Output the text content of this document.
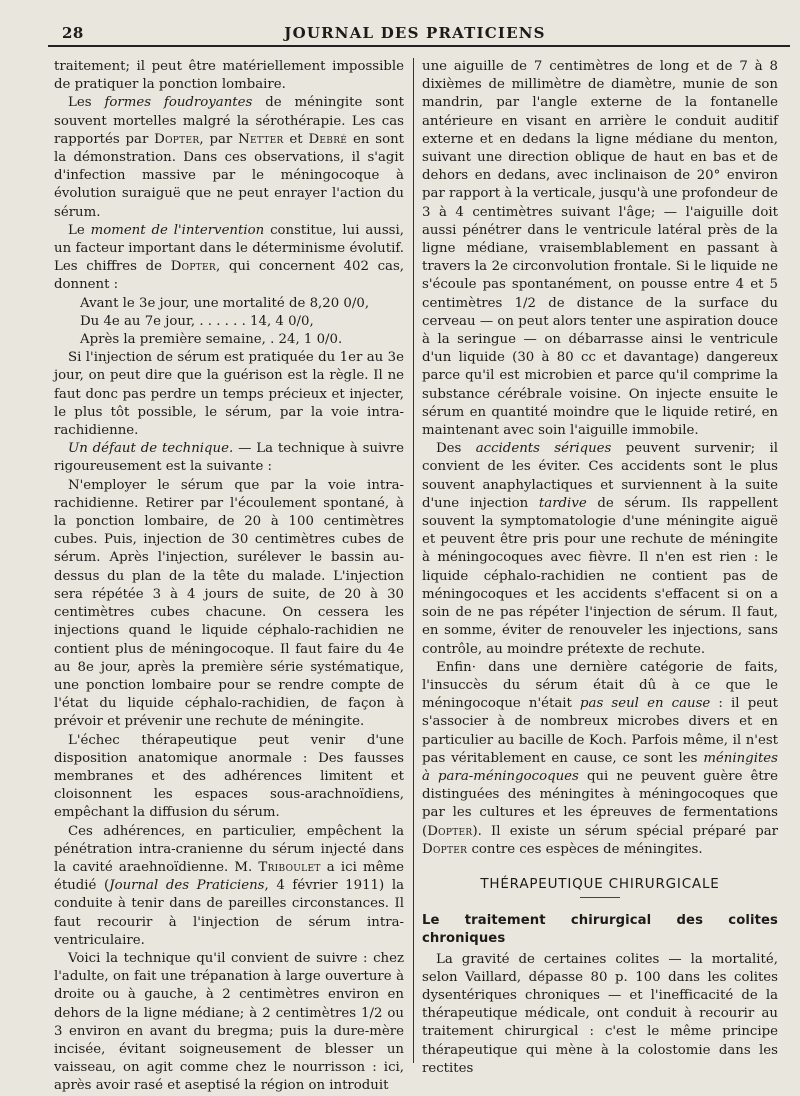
28	JOURNAL DES PRATICIENS

traitement; il peut être matériellement impossible de pratiquer la ponction lombaire.

Les formes foudroyantes de méningite sont souvent mortelles malgré la sérothérapie. Les cas rapportés par Dopter, par Netter et Debré en sont la démonstration. Dans ces observations, il s'agit d'infection massive par le méningocoque à évolution suraiguë que ne peut enrayer l'action du sérum.

Le moment de l'intervention constitue, lui aussi, un facteur important dans le déterminisme évolutif. Les chiffres de Dopter, qui concernent 402 cas, donnent :

Avant le 3e jour, une mortalité de 8,20 0/0,

Du 4e au 7e jour, . . . . . . 14, 4 0/0,

Après la première semaine, . 24, 1 0/0.

Si l'injection de sérum est pratiquée du 1er au 3e jour, on peut dire que la guérison est la règle. Il ne faut donc pas perdre un temps précieux et injecter, le plus tôt possible, le sérum, par la voie intra-rachidienne.

Un défaut de technique. — La technique à suivre rigoureusement est la suivante :

N'employer le sérum que par la voie intra-rachidienne. Retirer par l'écoulement spontané, à la ponction lombaire, de 20 à 100 centimètres cubes. Puis, injection de 30 centimètres cubes de sérum. Après l'injection, surélever le bassin au-dessus du plan de la tête du malade. L'injection sera répétée 3 à 4 jours de suite, de 20 à 30 centimètres cubes chacune. On cessera les injections quand le liquide céphalo-rachidien ne contient plus de méningocoque. Il faut faire du 4e au 8e jour, après la première série systématique, une ponction lombaire pour se rendre compte de l'état du liquide céphalo-rachidien, de façon à prévoir et prévenir une rechute de méningite.

L'échec thérapeutique peut venir d'une disposition anatomique anormale : Des fausses membranes et des adhérences limitent et cloisonnent les espaces sous-arachnoïdiens, empêchant la diffusion du sérum.

Ces adhérences, en particulier, empêchent la pénétration intra-cranienne du sérum injecté dans la cavité araehnoïdienne. M. Triboulet a ici même étudié (Journal des Praticiens, 4 février 1911) la conduite à tenir dans de pareilles circonstances. Il faut recourir à l'injection de sérum intra-ventriculaire.

Voici la technique qu'il convient de suivre : chez l'adulte, on fait une trépanation à large ouverture à droite ou à gauche, à 2 centimètres environ en dehors de la ligne médiane; à 2 centimètres 1/2 ou 3 environ en avant du bregma; puis la dure-mère incisée, évitant soigneusement de blesser un vaisseau, on agit comme chez le nourrisson : ici, après avoir rasé et aseptisé la région on introduit

une aiguille de 7 centimètres de long et de 7 à 8 dixièmes de millimètre de diamètre, munie de son mandrin, par l'angle externe de la fontanelle antérieure en visant en arrière le conduit auditif externe et en dedans la ligne médiane du menton, suivant une direction oblique de haut en bas et de dehors en dedans, avec inclinaison de 20° environ par rapport à la verticale, jusqu'à une profondeur de 3 à 4 centimètres suivant l'âge; — l'aiguille doit aussi pénétrer dans le ventricule latéral près de la ligne médiane, vraisemblablement en passant à travers la 2e circonvolution frontale. Si le liquide ne s'écoule pas spontanément, on pousse entre 4 et 5 centimètres 1/2 de distance de la surface du cerveau — on peut alors tenter une aspiration douce à la seringue — on débarrasse ainsi le ventricule d'un liquide (30 à 80 cc et davantage) dangereux parce qu'il est microbien et parce qu'il comprime la substance cérébrale voisine. On injecte ensuite le sérum en quantité moindre que le liquide retiré, en maintenant avec soin l'aiguille immobile.

Des accidents sériques peuvent survenir; il convient de les éviter. Ces accidents sont le plus souvent anaphylactiques et surviennent à la suite d'une injection tardive de sérum. Ils rappellent souvent la symptomatologie d'une méningite aiguë et peuvent être pris pour une rechute de méningite à méningocoques avec fièvre. Il n'en est rien : le liquide céphalo-rachidien ne contient pas de méningocoques et les accidents s'effacent si on a soin de ne pas répéter l'injection de sérum. Il faut, en somme, éviter de renouveler les injections, sans contrôle, au moindre prétexte de rechute.

Enfin· dans une dernière catégorie de faits, l'insuccès du sérum était dû à ce que le méningocoque n'était pas seul en cause : il peut s'associer à de nombreux microbes divers et en particulier au bacille de Koch. Parfois même, il n'est pas véritablement en cause, ce sont les méningites à para-méningocoques qui ne peuvent guère être distinguées des méningites à méningocoques que par les cultures et les épreuves de fermentations (Dopter). Il existe un sérum spécial préparé par Dopter contre ces espèces de méningites.

THÉRAPEUTIQUE CHIRURGICALE

Le traitement chirurgical des colites chroniques

La gravité de certaines colites — la mortalité, selon Vaillard, dépasse 80 p. 100 dans les colites dysentériques chroniques — et l'inefficacité de la thérapeutique médicale, ont conduit à recourir au traitement chirurgical : c'est le même principe thérapeutique qui mène à la colostomie dans les rectites
